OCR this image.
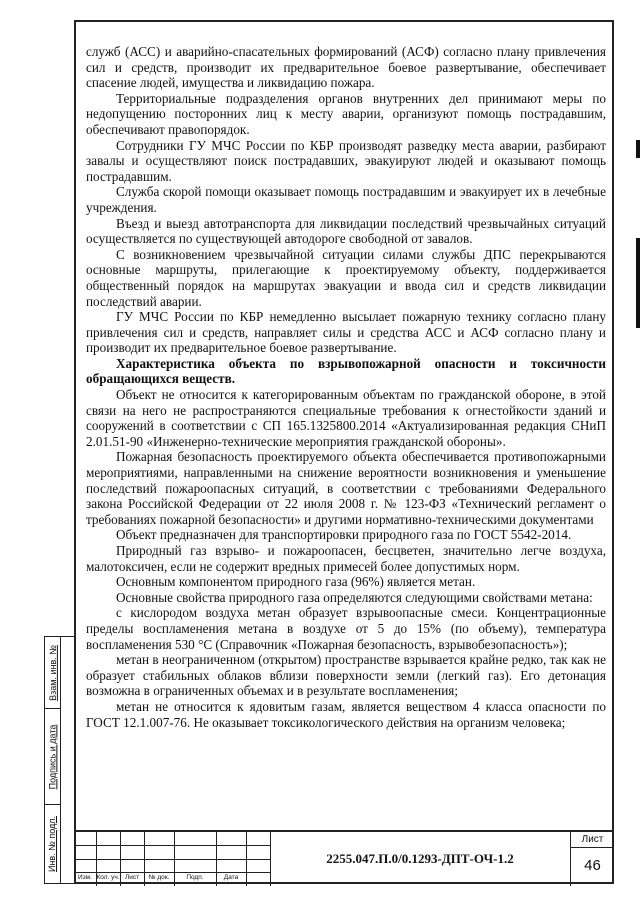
Взам. инв. №
Подпись и дата
Инв. № подл.

служб (АСС) и аварийно-спасательных формирований (АСФ) согласно плану привлечения сил и средств, производит их предварительное боевое развертывание, обеспечивает спасение людей, имущества и ликвидацию пожара.

Территориальные подразделения органов внутренних дел принимают меры по недопущению посторонних лиц к месту аварии, организуют помощь пострадавшим, обеспечивают правопорядок.

Сотрудники ГУ МЧС России по КБР производят разведку места аварии, разбирают завалы и осуществляют поиск пострадавших, эвакуируют людей и оказывают помощь пострадавшим.

Служба скорой помощи оказывает помощь пострадавшим и эвакуирует их в лечебные учреждения.

Въезд и выезд автотранспорта для ликвидации последствий чрезвычайных ситуаций осуществляется по существующей автодороге свободной от завалов.

С возникновением чрезвычайной ситуации силами службы ДПС перекрываются основные маршруты, прилегающие к проектируемому объекту, поддерживается общественный порядок на маршрутах эвакуации и ввода сил и средств ликвидации последствий аварии.

ГУ МЧС России по КБР немедленно высылает пожарную технику согласно плану привлечения сил и средств, направляет силы и средства АСС и АСФ согласно плану и производит их предварительное боевое развертывание.

Характеристика объекта по взрывопожарной опасности и токсичности обращающихся веществ.

Объект не относится к категорированным объектам по гражданской обороне, в этой связи на него не распространяются специальные требования к огнестойкости зданий и сооружений в соответствии с СП 165.1325800.2014 «Актуализированная редакция СНиП 2.01.51-90 «Инженерно-технические мероприятия гражданской обороны».

Пожарная безопасность проектируемого объекта обеспечивается противопожарными мероприятиями, направленными на снижение вероятности возникновения и уменьшение последствий пожароопасных ситуаций, в соответствии с требованиями Федерального закона Российской Федерации от 22 июля 2008 г. № 123-ФЗ «Технический регламент о требованиях пожарной безопасности» и другими нормативно-техническими документами

Объект предназначен для транспортировки природного газа по ГОСТ 5542-2014.

Природный газ взрыво- и пожароопасен, бесцветен, значительно легче воздуха, малотоксичен, если не содержит вредных примесей более допустимых норм.

Основным компонентом природного газа (96%) является метан.

Основные свойства природного газа определяются следующими свойствами метана:

с кислородом воздуха метан образует взрывоопасные смеси. Концентрационные пределы воспламенения метана в воздухе от 5 до 15% (по объему), температура воспламенения 530 °С (Справочник «Пожарная безопасность, взрывобезопасность»);

метан в неограниченном (открытом) пространстве взрывается крайне редко, так как не образует стабильных облаков вблизи поверхности земли (легкий газ). Его детонация возможна в ограниченных объемах и в результате воспламенения;

метан не относится к ядовитым газам, является веществом 4 класса опасности по ГОСТ 12.1.007-76. Не оказывает токсикологического действия на организм человека;

Изм. Кол. уч. Лист	№ док.	Подп.	Дата
2255.047.П.0/0.1293-ДПТ-ОЧ-1.2
Лист
46
